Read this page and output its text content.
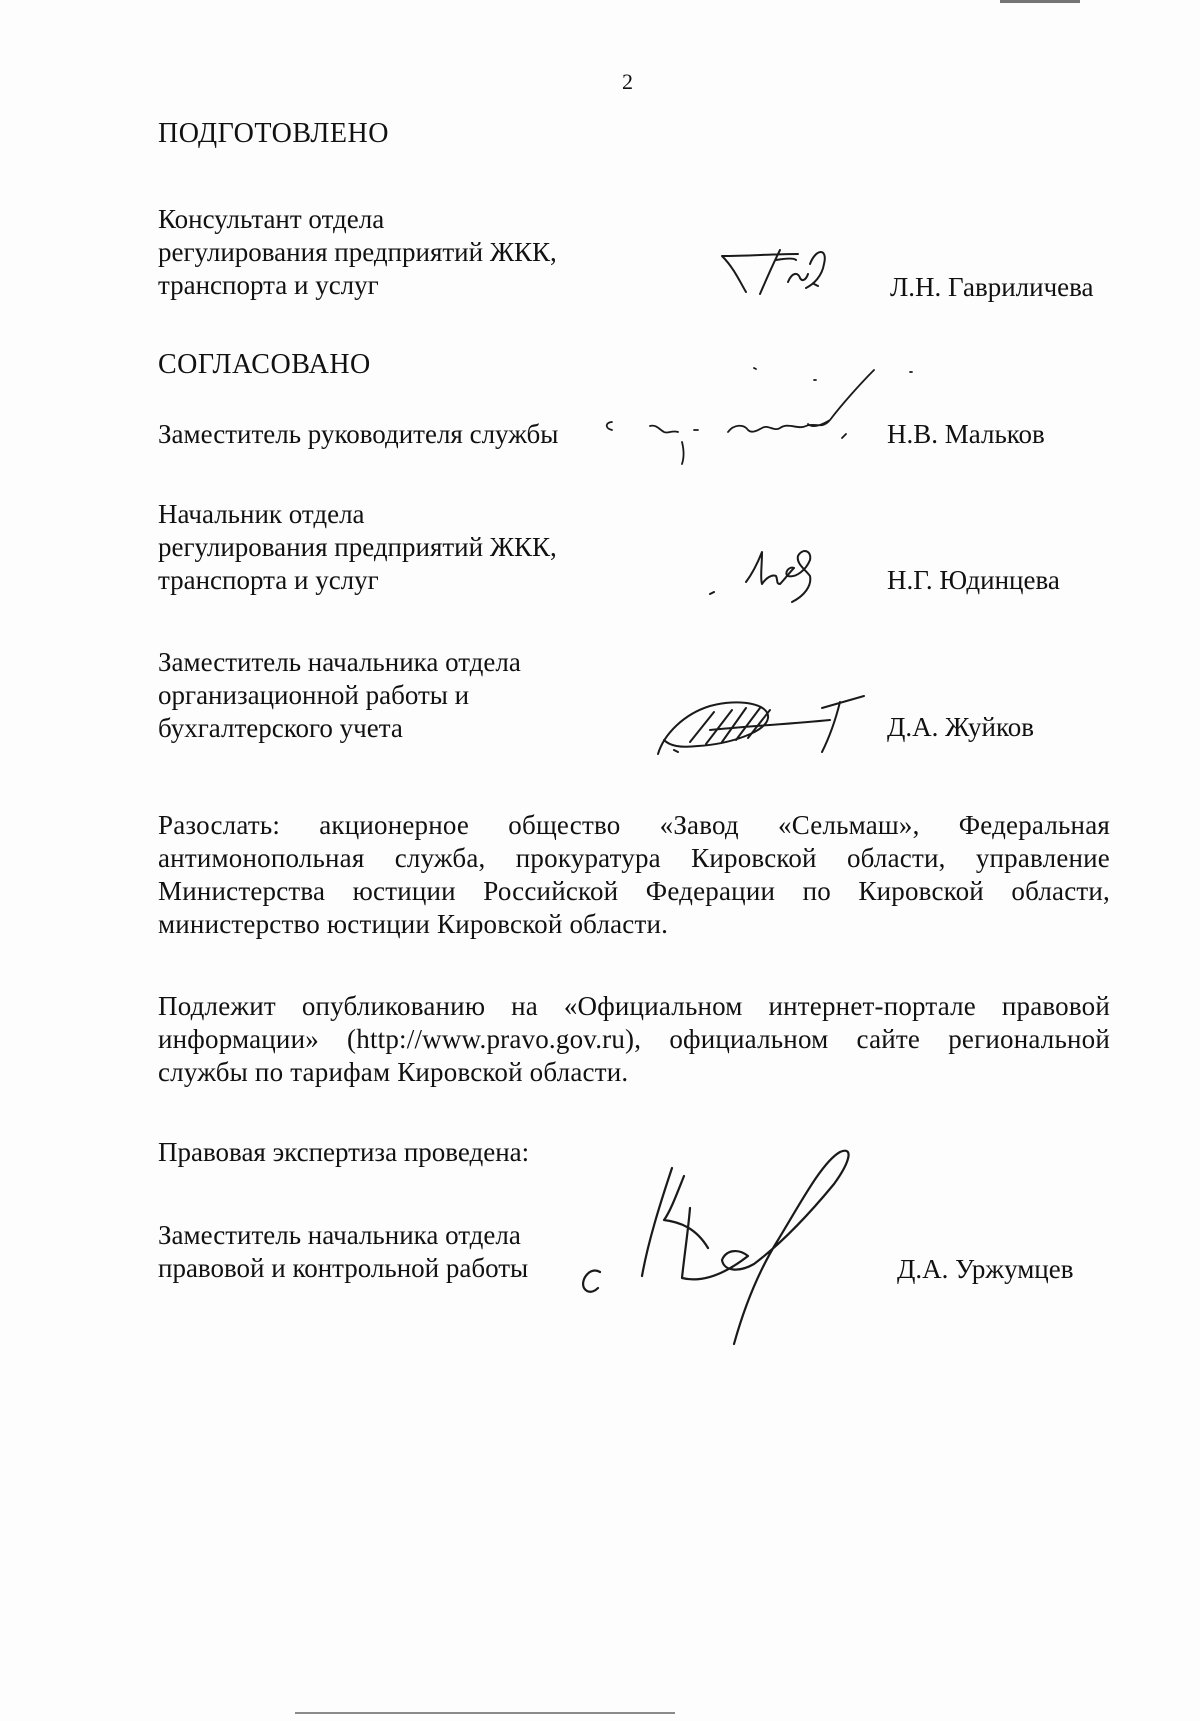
2
ПОДГОТОВЛЕНО
Консультант отдела
регулирования предприятий ЖКК,
транспорта и услуг	Л.Н. Гавриличева
СОГЛАСОВАНО
Заместитель руководителя службы	Н.В. Мальков
Начальник отдела
регулирования предприятий ЖКК,
транспорта и услуг	Н.Г. Юдинцева
Заместитель начальника отдела
организационной работы и
бухгалтерского учета	Д.А. Жуйков
Разослать: акционерное общество «Завод «Сельмаш», Федеральная антимонопольная служба, прокуратура Кировской области, управление Министерства юстиции Российской Федерации по Кировской области, министерство юстиции Кировской области.
Подлежит опубликованию на «Официальном интернет-портале правовой информации» (http://www.pravo.gov.ru), официальном сайте региональной службы по тарифам Кировской области.
Правовая экспертиза проведена:
Заместитель начальника отдела
правовой и контрольной работы	Д.А. Уржумцев
